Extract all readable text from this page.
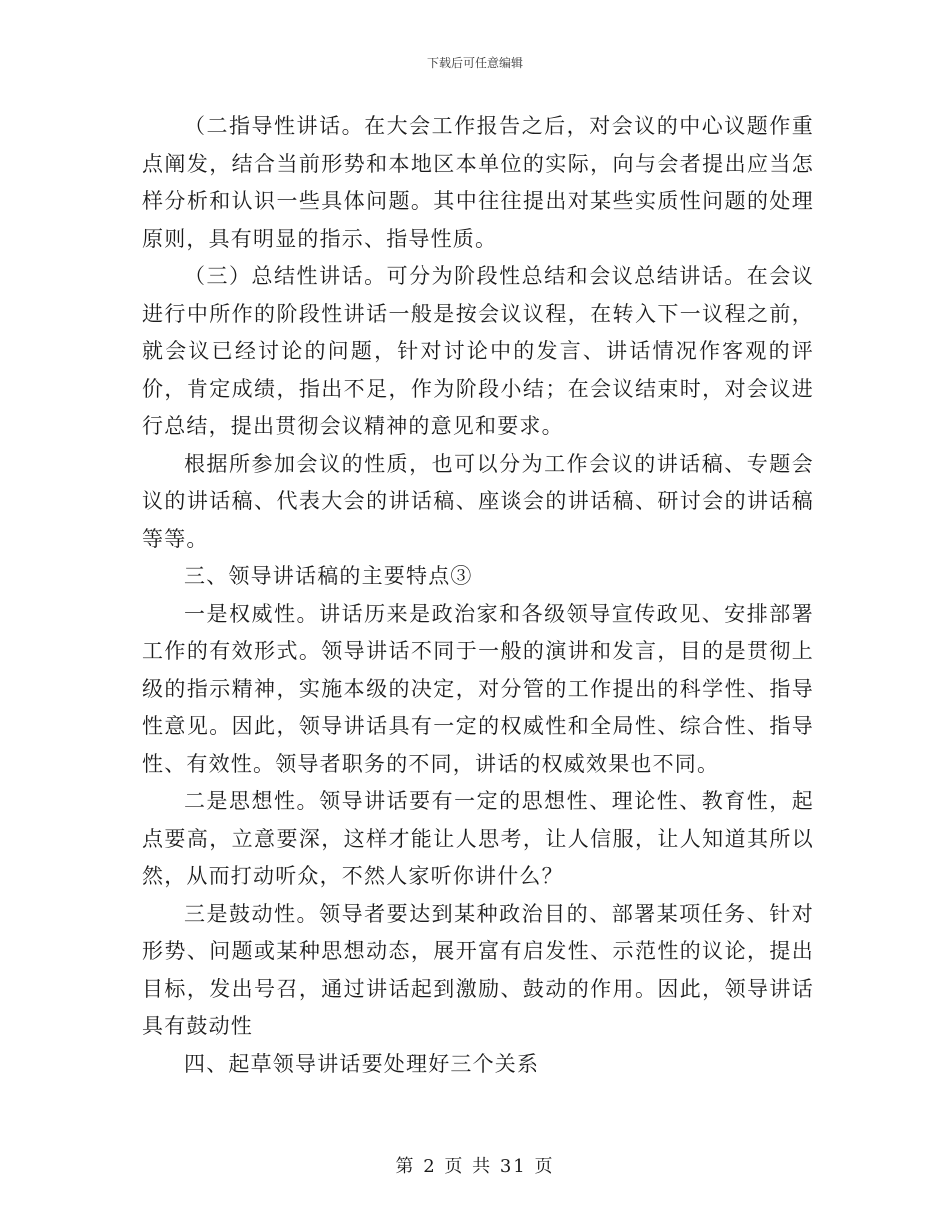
下载后可任意编辑

（二指导性讲话。在大会工作报告之后，对会议的中心议题作重点阐发，结合当前形势和本地区本单位的实际，向与会者提出应当怎样分析和认识一些具体问题。其中往往提出对某些实质性问题的处理原则，具有明显的指示、指导性质。

（三）总结性讲话。可分为阶段性总结和会议总结讲话。在会议进行中所作的阶段性讲话一般是按会议议程，在转入下一议程之前，就会议已经讨论的问题，针对讨论中的发言、讲话情况作客观的评价，肯定成绩，指出不足，作为阶段小结；在会议结束时，对会议进行总结，提出贯彻会议精神的意见和要求。

根据所参加会议的性质，也可以分为工作会议的讲话稿、专题会议的讲话稿、代表大会的讲话稿、座谈会的讲话稿、研讨会的讲话稿等等。

三、领导讲话稿的主要特点③

一是权威性。讲话历来是政治家和各级领导宣传政见、安排部署工作的有效形式。领导讲话不同于一般的演讲和发言，目的是贯彻上级的指示精神，实施本级的决定，对分管的工作提出的科学性、指导性意见。因此，领导讲话具有一定的权威性和全局性、综合性、指导性、有效性。领导者职务的不同，讲话的权威效果也不同。

二是思想性。领导讲话要有一定的思想性、理论性、教育性，起点要高，立意要深，这样才能让人思考，让人信服，让人知道其所以然，从而打动听众，不然人家听你讲什么？

三是鼓动性。领导者要达到某种政治目的、部署某项任务、针对形势、问题或某种思想动态，展开富有启发性、示范性的议论，提出目标，发出号召，通过讲话起到激励、鼓动的作用。因此，领导讲话具有鼓动性

四、起草领导讲话要处理好三个关系

第 2 页 共 31 页
